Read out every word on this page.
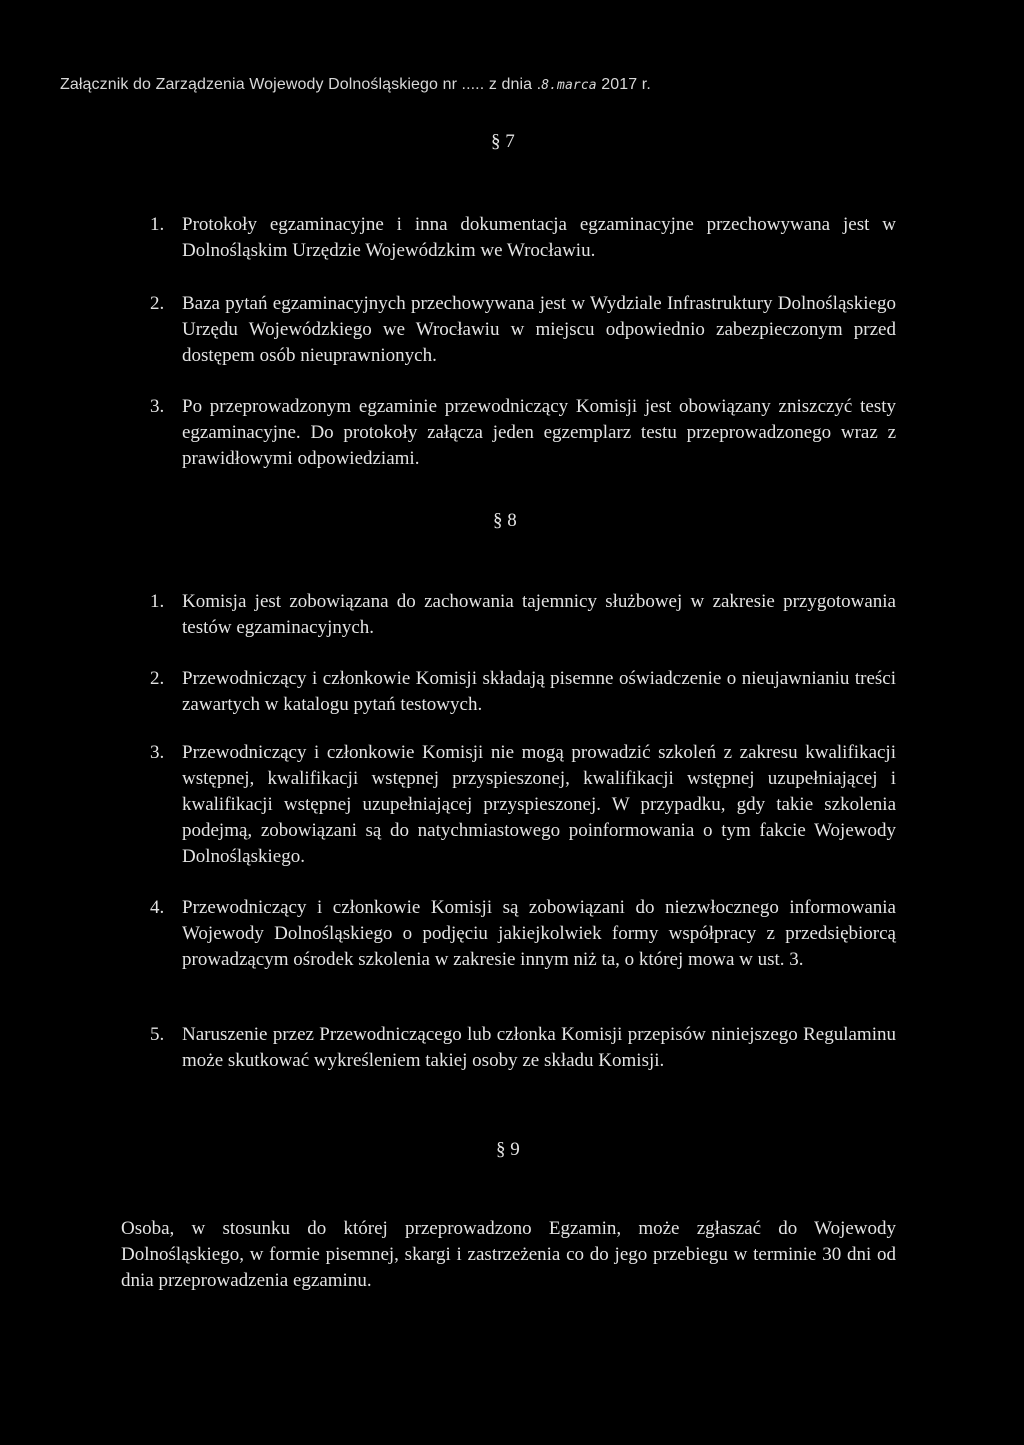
Załącznik do Zarządzenia Wojewody Dolnośląskiego nr ..... z dnia .8.marca 2017 r.
§ 7
1. Protokoły egzaminacyjne i inna dokumentacja egzaminacyjne przechowywana jest w Dolnośląskim Urzędzie Wojewódzkim we Wrocławiu.
2. Baza pytań egzaminacyjnych przechowywana jest w Wydziale Infrastruktury Dolnośląskiego Urzędu Wojewódzkiego we Wrocławiu w miejscu odpowiednio zabezpieczonym przed dostępem osób nieuprawnionych.
3. Po przeprowadzonym egzaminie przewodniczący Komisji jest obowiązany zniszczyć testy egzaminacyjne. Do protokoły załącza jeden egzemplarz testu przeprowadzonego wraz z prawidłowymi odpowiedziami.
§ 8
1. Komisja jest zobowiązana do zachowania tajemnicy służbowej w zakresie przygotowania testów egzaminacyjnych.
2. Przewodniczący i członkowie Komisji składają pisemne oświadczenie o nieujawnianiu treści zawartych w katalogu pytań testowych.
3. Przewodniczący i członkowie Komisji nie mogą prowadzić szkoleń z zakresu kwalifikacji wstępnej, kwalifikacji wstępnej przyspieszonej, kwalifikacji wstępnej uzupełniającej i kwalifikacji wstępnej uzupełniającej przyspieszonej. W przypadku, gdy takie szkolenia podejmą, zobowiązani są do natychmiastowego poinformowania o tym fakcie Wojewody Dolnośląskiego.
4. Przewodniczący i członkowie Komisji są zobowiązani do niezwłocznego informowania Wojewody Dolnośląskiego o podjęciu jakiejkolwiek formy współpracy z przedsiębiorcą prowadzącym ośrodek szkolenia w zakresie innym niż ta, o której mowa w ust. 3.
5. Naruszenie przez Przewodniczącego lub członka Komisji przepisów niniejszego Regulaminu może skutkować wykreśleniem takiej osoby ze składu Komisji.
§ 9
Osoba, w stosunku do której przeprowadzono Egzamin, może zgłaszać do Wojewody Dolnośląskiego, w formie pisemnej, skargi i zastrzeżenia co do jego przebiegu w terminie 30 dni od dnia przeprowadzenia egzaminu.
